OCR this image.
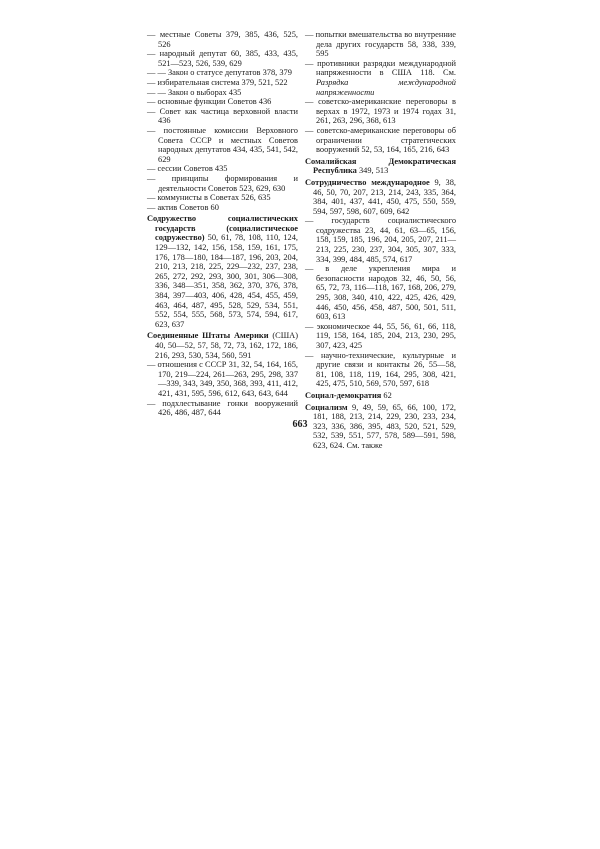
— местные Советы 379, 385, 436, 525, 526

— народный депутат 60, 385, 433, 435, 521—523, 526, 539, 629

— — Закон о статусе депутатов 378, 379

— избирательная система 379, 521, 522

— — Закон о выборах 435

— основные функции Советов 436

— Совет как частица верховной власти 436

— постоянные комиссии Верховного Совета СССР и местных Советов народных депутатов 434, 435, 541, 542, 629

— сессии Советов 435

— принципы формирования и деятельности Советов 523, 629, 630

— коммунисты в Советах 526, 635

— актив Советов 60

Содружество социалистических государств (социалистическое содружество) 50, 61, 78, 108, 110, 124, 129—132, 142, 156, 158, 159, 161, 175, 176, 178—180, 184—187, 196, 203, 204, 210, 213, 218, 225, 229—232, 237, 238, 265, 272, 292, 293, 300, 301, 306—308, 336, 348—351, 358, 362, 370, 376, 378, 384, 397—403, 406, 428, 454, 455, 459, 463, 464, 487, 495, 528, 529, 534, 551, 552, 554, 555, 568, 573, 574, 594, 617, 623, 637

Соединенные Штаты Америки (США) 40, 50—52, 57, 58, 72, 73, 162, 172, 186, 216, 293, 530, 534, 560, 591

— отношения с СССР 31, 32, 54, 164, 165, 170, 219—224, 261—263, 295, 298, 337—339, 343, 349, 350, 368, 393, 411, 412, 421, 431, 595, 596, 612, 643, 643, 644

— подхлестывание гонки вооружений 426, 486, 487, 644

— попытки вмешательства во внутренние дела других государств 58, 338, 339, 595

— противники разрядки международной напряженности в США 118. См. Разрядка международной напряженности

— советско-американские переговоры в верхах в 1972, 1973 и 1974 годах 31, 261, 263, 296, 368, 613

— советско-американские переговоры об ограничении стратегических вооружений 52, 53, 164, 165, 216, 643

Сомалийская Демократическая Республика 349, 513

Сотрудничество международное 9, 38, 46, 50, 70, 207, 213, 214, 243, 335, 364, 384, 401, 437, 441, 450, 475, 550, 559, 594, 597, 598, 607, 609, 642

— государств социалистического содружества 23, 44, 61, 63—65, 156, 158, 159, 185, 196, 204, 205, 207, 211—213, 225, 230, 237, 304, 305, 307, 333, 334, 399, 484, 485, 574, 617

— в деле укрепления мира и безопасности народов 32, 46, 50, 56, 65, 72, 73, 116—118, 167, 168, 206, 279, 295, 308, 340, 410, 422, 425, 426, 429, 446, 450, 456, 458, 487, 500, 501, 511, 603, 613

— экономическое 44, 55, 56, 61, 66, 118, 119, 158, 164, 185, 204, 213, 230, 295, 307, 423, 425

— научно-технические, культурные и другие связи и контакты 26, 55—58, 81, 108, 118, 119, 164, 295, 308, 421, 425, 475, 510, 569, 570, 597, 618

Социал-демократия 62

Социализм 9, 49, 59, 65, 66, 100, 172, 181, 188, 213, 214, 229, 230, 233, 234, 323, 336, 386, 395, 483, 520, 521, 529, 532, 539, 551, 577, 578, 589—591, 598, 623, 624. См. также

663
